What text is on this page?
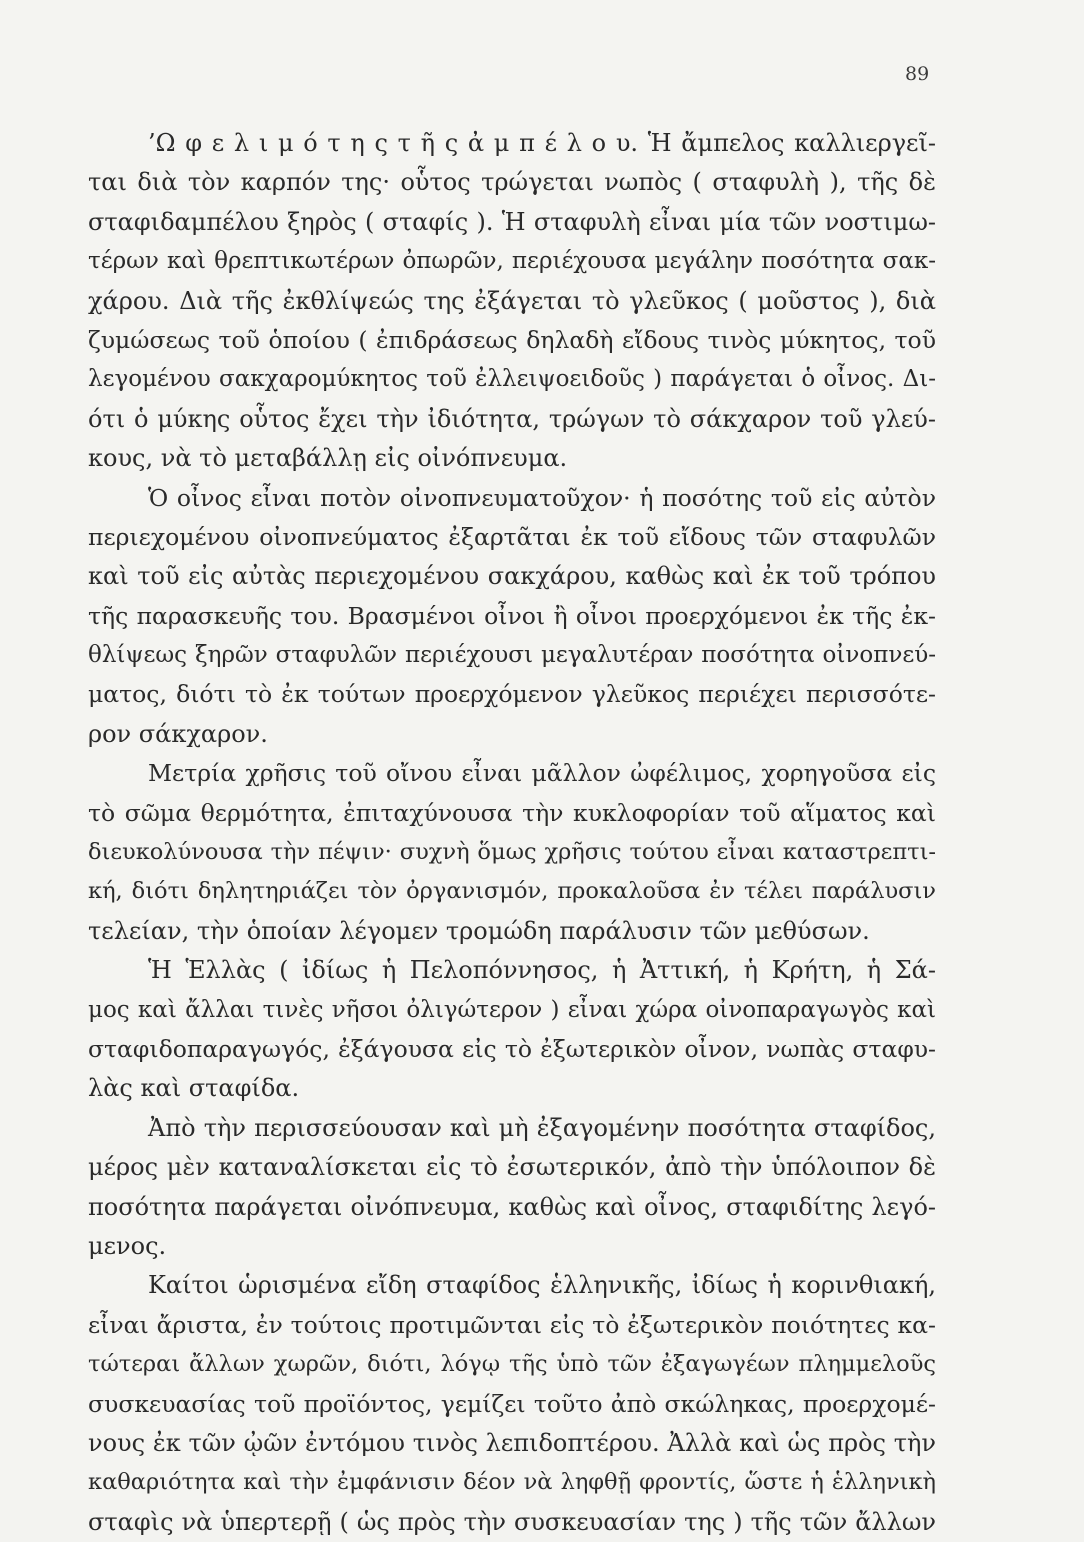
89
’Ω φ ε λ ι μ ό τ η ς τ ῆ ς ἀ μ π έ λ ο υ. Ἡ ἄμπελος καλλιεργεῖ-
ται διὰ τὸν καρπόν της· οὗτος τρώγεται νωπὸς ( σταφυλὴ ), τῆς δὲ
σταφιδαμπέλου ξηρὸς ( σταφίς ). Ἡ σταφυλὴ εἶναι μία τῶν νοστιμω-
τέρων καὶ θρεπτικωτέρων ὀπωρῶν, περιέχουσα μεγάλην ποσότητα σακ-
χάρου. Διὰ τῆς ἐκθλίψεώς της ἐξάγεται τὸ γλεῦκος ( μοῦστος ), διὰ
ζυμώσεως τοῦ ὁποίου ( ἐπιδράσεως δηλαδὴ εἴδους τινὸς μύκητος, τοῦ
λεγομένου σακχαρομύκητος τοῦ ἐλλειψοειδοῦς ) παράγεται ὁ οἶνος. Δι-
ότι ὁ μύκης οὗτος ἔχει τὴν ἰδιότητα, τρώγων τὸ σάκχαρον τοῦ γλεύ-
κους, νὰ τὸ μεταβάλλῃ εἰς οἰνόπνευμα.
Ὁ οἶνος εἶναι ποτὸν οἰνοπνευματοῦχον· ἡ ποσότης τοῦ εἰς αὐτὸν
περιεχομένου οἰνοπνεύματος ἐξαρτᾶται ἐκ τοῦ εἴδους τῶν σταφυλῶν
καὶ τοῦ εἰς αὐτὰς περιεχομένου σακχάρου, καθὼς καὶ ἐκ τοῦ τρόπου
τῆς παρασκευῆς του. Βρασμένοι οἶνοι ἢ οἶνοι προερχόμενοι ἐκ τῆς ἐκ-
θλίψεως ξηρῶν σταφυλῶν περιέχουσι μεγαλυτέραν ποσότητα οἰνοπνεύ-
ματος, διότι τὸ ἐκ τούτων προερχόμενον γλεῦκος περιέχει περισσότε-
ρον σάκχαρον.
Μετρία χρῆσις τοῦ οἴνου εἶναι μᾶλλον ὠφέλιμος, χορηγοῦσα εἰς
τὸ σῶμα θερμότητα, ἐπιταχύνουσα τὴν κυκλοφορίαν τοῦ αἵματος καὶ
διευκολύνουσα τὴν πέψιν· συχνὴ ὅμως χρῆσις τούτου εἶναι καταστρεπτι-
κή, διότι δηλητηριάζει τὸν ὀργανισμόν, προκαλοῦσα ἐν τέλει παράλυσιν
τελείαν, τὴν ὁποίαν λέγομεν τρομώδη παράλυσιν τῶν μεθύσων.
Ἡ Ἑλλὰς ( ἰδίως ἡ Πελοπόννησος, ἡ Ἀττική, ἡ Κρήτη, ἡ Σά-
μος καὶ ἄλλαι τινὲς νῆσοι ὀλιγώτερον ) εἶναι χώρα οἰνοπαραγωγὸς καὶ
σταφιδοπαραγωγός, ἐξάγουσα εἰς τὸ ἐξωτερικὸν οἶνον, νωπὰς σταφυ-
λὰς καὶ σταφίδα.
Ἀπὸ τὴν περισσεύουσαν καὶ μὴ ἐξαγομένην ποσότητα σταφίδος,
μέρος μὲν καταναλίσκεται εἰς τὸ ἐσωτερικόν, ἀπὸ τὴν ὑπόλοιπον δὲ
ποσότητα παράγεται οἰνόπνευμα, καθὼς καὶ οἶνος, σταφιδίτης λεγό-
μενος.
Καίτοι ὡρισμένα εἴδη σταφίδος ἑλληνικῆς, ἰδίως ἡ κορινθιακή,
εἶναι ἄριστα, ἐν τούτοις προτιμῶνται εἰς τὸ ἐξωτερικὸν ποιότητες κα-
τώτεραι ἄλλων χωρῶν, διότι, λόγῳ τῆς ὑπὸ τῶν ἐξαγωγέων πλημμελοῦς
συσκευασίας τοῦ προϊόντος, γεμίζει τοῦτο ἀπὸ σκώληκας, προερχομέ-
νους ἐκ τῶν ᾠῶν ἐντόμου τινὸς λεπιδοπτέρου. Ἀλλὰ καὶ ὡς πρὸς τὴν
καθαριότητα καὶ τὴν ἐμφάνισιν δέον νὰ ληφθῇ φροντίς, ὥστε ἡ ἑλληνικὴ
σταφὶς νὰ ὑπερτερῇ ( ὡς πρὸς τὴν συσκευασίαν της ) τῆς τῶν ἄλλων
